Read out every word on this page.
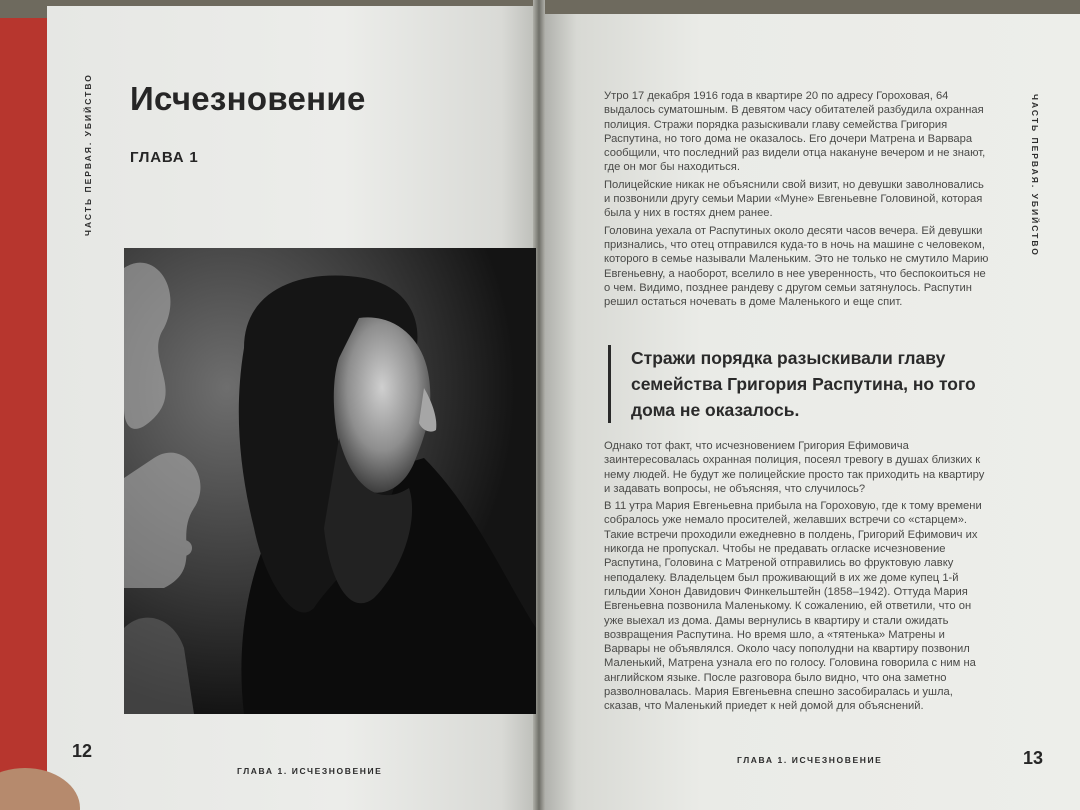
ЧАСТЬ ПЕРВАЯ. УБИЙСТВО Исчезновение
ГЛАВА 1
12
ГЛАВА 1. ИСЧЕЗНОВЕНИЕ
ЧАСТЬ ПЕРВАЯ. УБИЙСТВО

Утро 17 декабря 1916 года в квартире 20 по адресу Гороховая, 64 выдалось суматошным. В девятом часу обитателей разбудила охранная полиция. Стражи порядка разыскивали главу семейства Григория Распутина, но того дома не оказалось. Его дочери Матрена и Варвара сообщили, что последний раз видели отца накануне вечером и не знают, где он мог бы находиться.

Полицейские никак не объяснили свой визит, но девушки заволновались и позвонили другу семьи Марии «Муне» Евгеньевне Головиной, которая была у них в гостях днем ранее.

Головина уехала от Распутиных около десяти часов вечера. Ей девушки признались, что отец отправился куда-то в ночь на машине с человеком, которого в семье называли Маленьким. Это не только не смутило Марию Евгеньевну, а наоборот, вселило в нее уверенность, что беспокоиться не о чем. Видимо, позднее рандеву с другом семьи затянулось. Распутин решил остаться ночевать в доме Маленького и еще спит.

Стражи порядка разыскивали главу семейства Григория Распутина, но того дома не оказалось.

Однако тот факт, что исчезновением Григория Ефимовича заинтересовалась охранная полиция, посеял тревогу в душах близких к нему людей. Не будут же полицейские просто так приходить на квартиру и задавать вопросы, не объясняя, что случилось?

В 11 утра Мария Евгеньевна прибыла на Гороховую, где к тому времени собралось уже немало просителей, желавших встречи со «старцем». Такие встречи проходили ежедневно в полдень, Григорий Ефимович их никогда не пропускал. Чтобы не предавать огласке исчезновение Распутина, Головина с Матреной отправились во фруктовую лавку неподалеку. Владельцем был проживающий в их же доме купец 1-й гильдии Хонон Давидович Финкельштейн (1858–1942). Оттуда Мария Евгеньевна позвонила Маленькому. К сожалению, ей ответили, что он уже выехал из дома. Дамы вернулись в квартиру и стали ожидать возвращения Распутина. Но время шло, а «тятенька» Матрены и Варвары не объявлялся. Около часу пополудни на квартиру позвонил Маленький, Матрена узнала его по голосу. Головина говорила с ним на английском языке. После разговора было видно, что она заметно разволновалась. Мария Евгеньевна спешно засобиралась и ушла, сказав, что Маленький приедет к ней домой для объяснений.

ГЛАВА 1. ИСЧЕЗНОВЕНИЕ	13
